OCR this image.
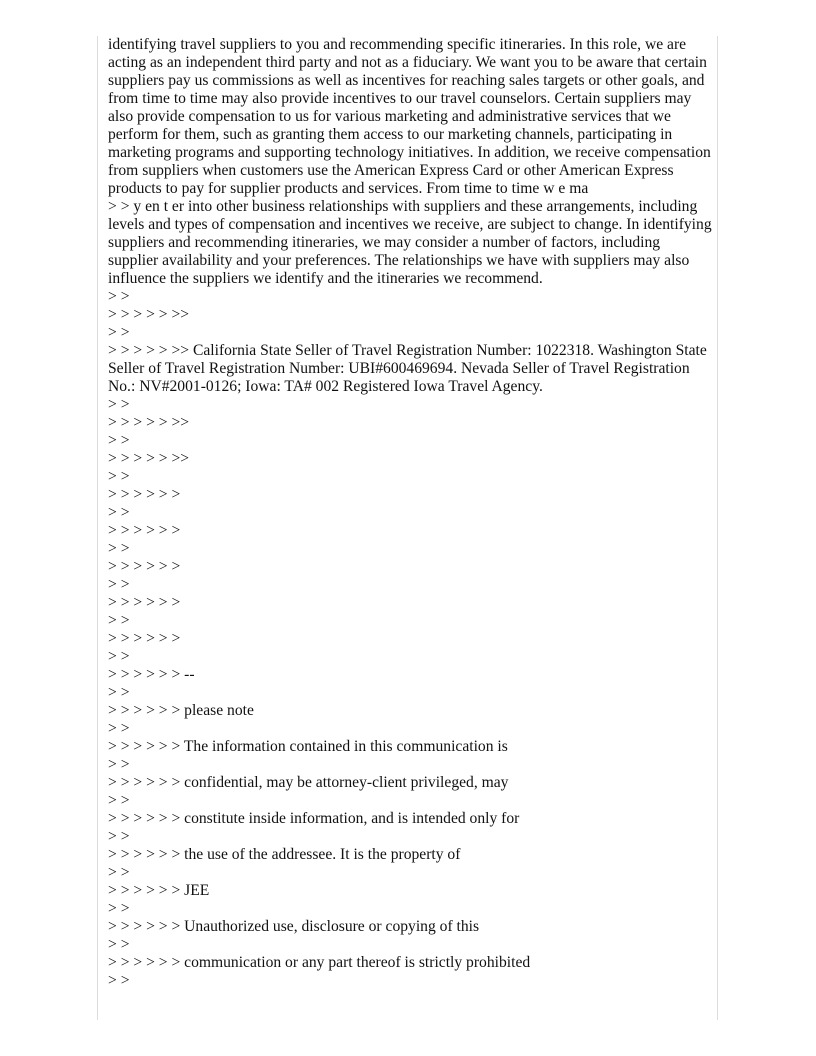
identifying travel suppliers to you and recommending specific itineraries. In this role, we are acting as an independent third party and not as a fiduciary. We want you to be aware that certain suppliers pay us commissions as well as incentives for reaching sales targets or other goals, and from time to time may also provide incentives to our travel counselors. Certain suppliers may also provide compensation to us for various marketing and administrative services that we perform for them, such as granting them access to our marketing channels, participating in marketing programs and supporting technology initiatives. In addition, we receive compensation from suppliers when customers use the American Express Card or other American Express products to pay for supplier products and services. From time to time w e ma

> > y en t er into other business relationships with suppliers and these arrangements, including levels and types of compensation and incentives we receive, are subject to change. In identifying suppliers and recommending itineraries, we may consider a number of factors, including supplier availability and your preferences. The relationships we have with suppliers may also influence the suppliers we identify and the itineraries we recommend.

> >

> > > > > >>

> >

> > > > > >> California State Seller of Travel Registration Number: 1022318. Washington State Seller of Travel Registration Number: UBI#600469694. Nevada Seller of Travel Registration No.: NV#2001-0126; Iowa: TA# 002 Registered Iowa Travel Agency.

> >

> > > > > >>

> >

> > > > > >>

> >

> > > > > >

> >

> > > > > >

> >

> > > > > >

> >

> > > > > >

> >

> > > > > >

> >

> > > > > > --

> >

> > > > > > please note

> >

> > > > > > The information contained in this communication is

> >

> > > > > > confidential, may be attorney-client privileged, may

> >

> > > > > > constitute inside information, and is intended only for

> >

> > > > > > the use of the addressee. It is the property of

> >

> > > > > > JEE

> >

> > > > > > Unauthorized use, disclosure or copying of this

> >

> > > > > > communication or any part thereof is strictly prohibited

> >
